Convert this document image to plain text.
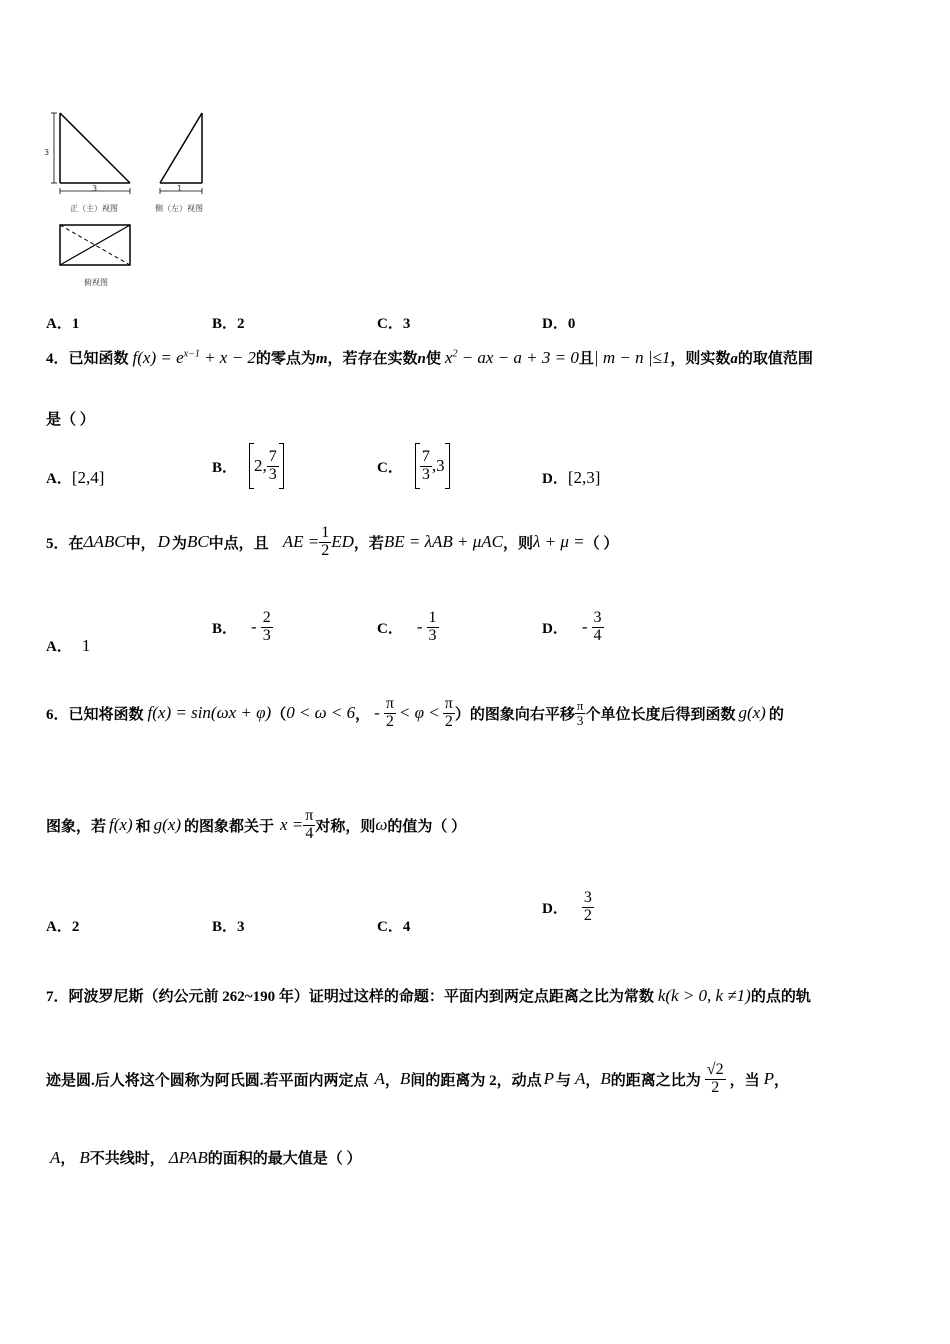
3
3	1
正（主）视图	侧（左）视图
俯视图
A．1	B．2	C．3	D．0
4．已知函数 $f(x) = e^{x-1} + x - 2$的零点为m，若存在实数n使 $x^2$ − ax − a + 3 = 0且| m − n |≤1，则实数a的取值范围
是（ ）
A．[2,4]
B． 2, $\frac{7}{3}$	C． $\frac{7}{3} ,3$
D．[2,3]
5． 在 ΔABC 中， D 为 BC 中点，且 AE = $\frac{1}{2}$ ED ，若 BE = λAB + μAC ，则 λ + μ = （ ）
A． 1
B． - $\frac{2}{3}$	C． - $\frac{1}{3}$	D． - $\frac{3}{4}$
6． 已知将函数 f(x) = sin(ωx + φ) （ 0 < ω < 6 ， - $\frac{\pi}{2} < \varphi < \frac{\pi}{2}$ ）的图象向右平移 $\frac{\pi}{3}$ 个单位长度后得到函数 g(x) 的
图象，若 f(x) 和 g(x) 的图象都关于 $x = \frac{\pi}{4}$ 对称，则 ω 的值为（ ）
A．2	B．3	C．4
D． $\frac{3}{2}$
7．阿波罗尼斯（约公元前 262~190 年）证明过这样的命题：平面内到两定点距离之比为常数 k(k > 0, k ≠1)的点的轨
迹是圆.后人将这个圆称为阿氏圆.若平面内两定点 A ， B 间的距离为 2，动点 P 与 A ， B 的距离之比为 $\frac{√2}{2}$ ，当 P ，
A， B不共线时， ΔPAB的面积的最大值是（ ）
